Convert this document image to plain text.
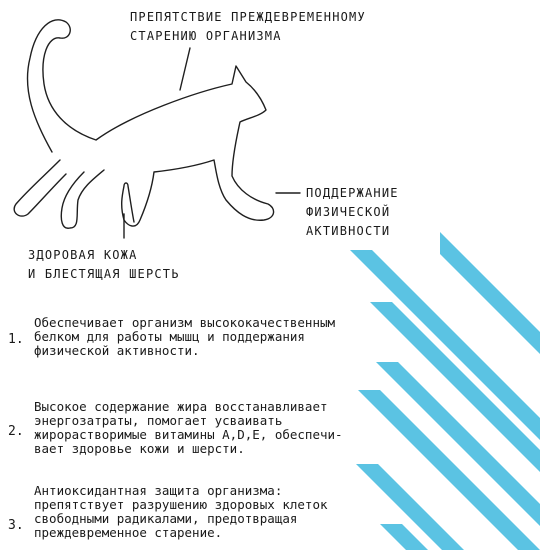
ПРЕПЯТСТВИЕ ПРЕЖДЕВРЕМЕННОМУ
СТАРЕНИЮ ОРГАНИЗМА
ПОДДЕРЖАНИЕ
ФИЗИЧЕСКОЙ
АКТИВНОСТИ
ЗДОРОВАЯ КОЖА
И БЛЕСТЯЩАЯ ШЕРСТЬ
1.
Обеспечивает организм высококачественным
белком для работы мышц и поддержания
физической активности.
2.
Высокое содержание жира восстанавливает
энергозатраты, помогает усваивать
жирорастворимые витамины A,D,E, обеспечи-
вает здоровье кожи и шерсти.
3.
Антиоксидантная защита организма:
препятствует разрушению здоровых клеток
свободными радикалами, предотвращая
преждевременное старение.
